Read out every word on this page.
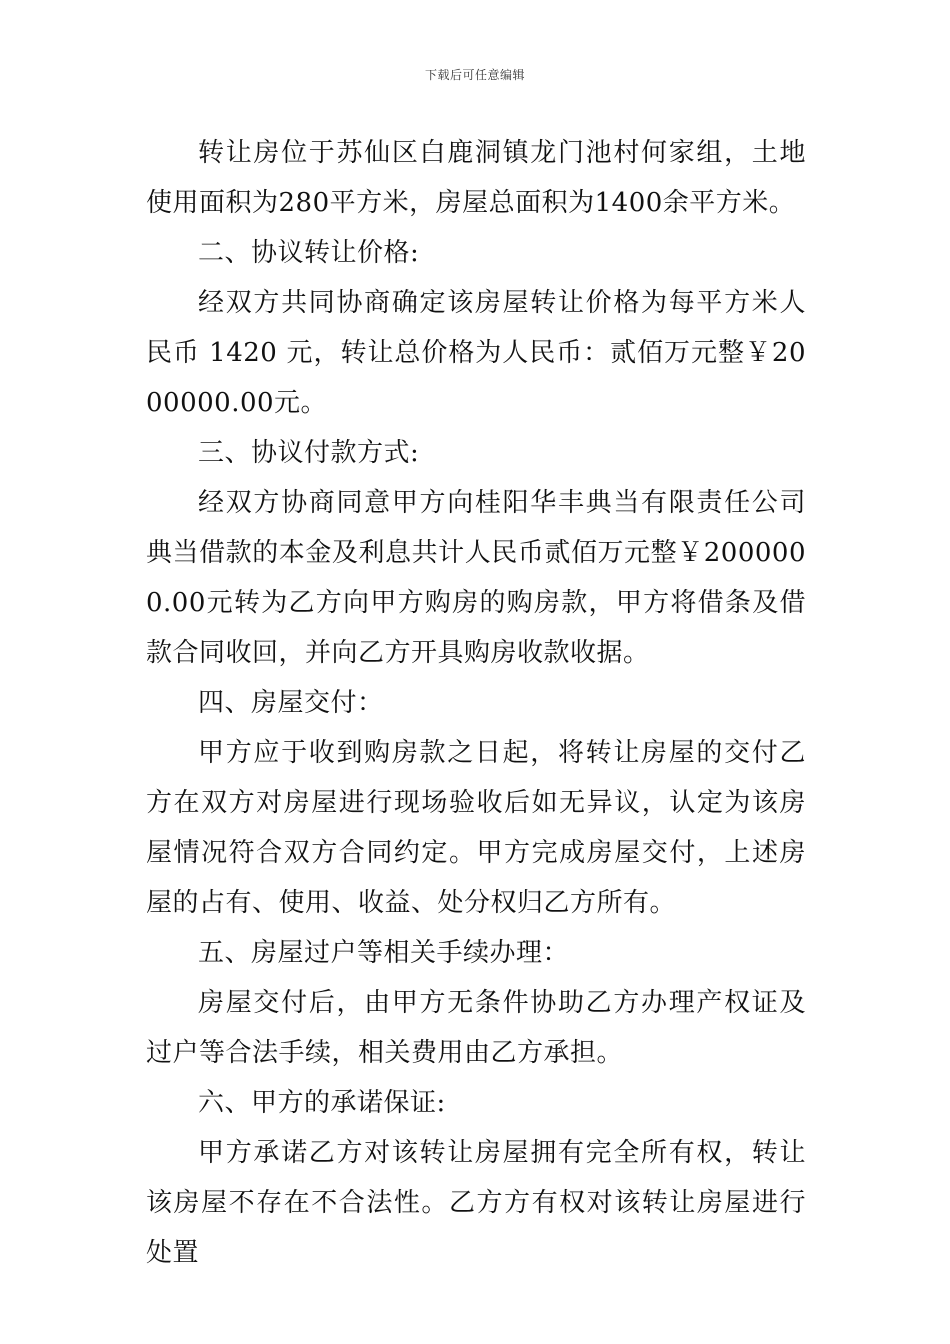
下载后可任意编辑

转让房位于苏仙区白鹿洞镇龙门池村何家组，土地使用面积为280平方米，房屋总面积为1400余平方米。

二、协议转让价格:

经双方共同协商确定该房屋转让价格为每平方米人民币 1420 元，转让总价格为人民币：贰佰万元整￥2000000.00元。

三、协议付款方式:

经双方协商同意甲方向桂阳华丰典当有限责任公司典当借款的本金及利息共计人民币贰佰万元整￥2000000.00元转为乙方向甲方购房的购房款，甲方将借条及借款合同收回，并向乙方开具购房收款收据。

四、房屋交付：

甲方应于收到购房款之日起，将转让房屋的交付乙方在双方对房屋进行现场验收后如无异议，认定为该房屋情况符合双方合同约定。甲方完成房屋交付，上述房屋的占有、使用、收益、处分权归乙方所有。

五、房屋过户等相关手续办理：

房屋交付后，由甲方无条件协助乙方办理产权证及过户等合法手续，相关费用由乙方承担。

六、甲方的承诺保证:

甲方承诺乙方对该转让房屋拥有完全所有权，转让该房屋不存在不合法性。乙方方有权对该转让房屋进行处置
